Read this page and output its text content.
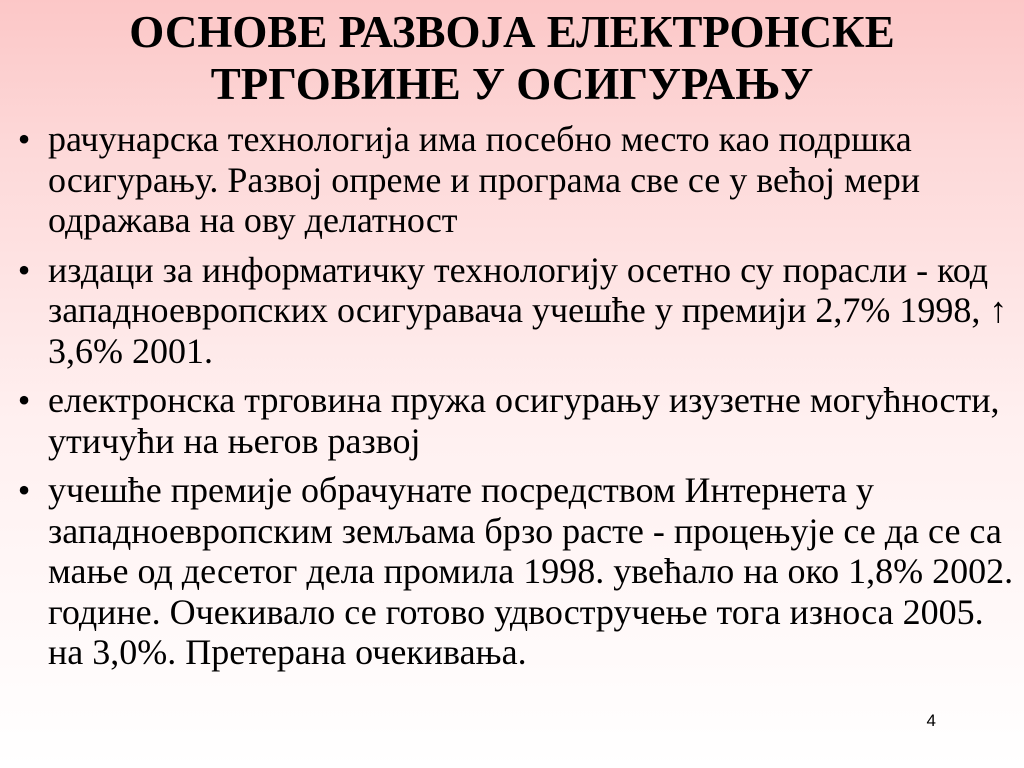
ОСНОВЕ РАЗВОЈА ЕЛЕКТРОНСКЕ
ТРГОВИНЕ У ОСИГУРАЊУ
• рачунарска технологија има посебно место као подршка осигурању. Развој опреме и програма све се у већој мери одражава на ову делатност
• издаци за информатичку технологију осетно су порасли - код западноевропских осигуравача учешће у премији 2,7% 1998, ↑ 3,6% 2001.
• електронска трговина пружа осигурању изузетне могућности, утичући на његов развој
• учешће премије обрачунате посредством Интернета у западноевропским земљама брзо расте - процењује се да се са мање од десетог дела промила 1998. увећало на око 1,8% 2002. године. Очекивало се готово удвостручење тога износа 2005. на 3,0%. Претерана очекивања.
4
